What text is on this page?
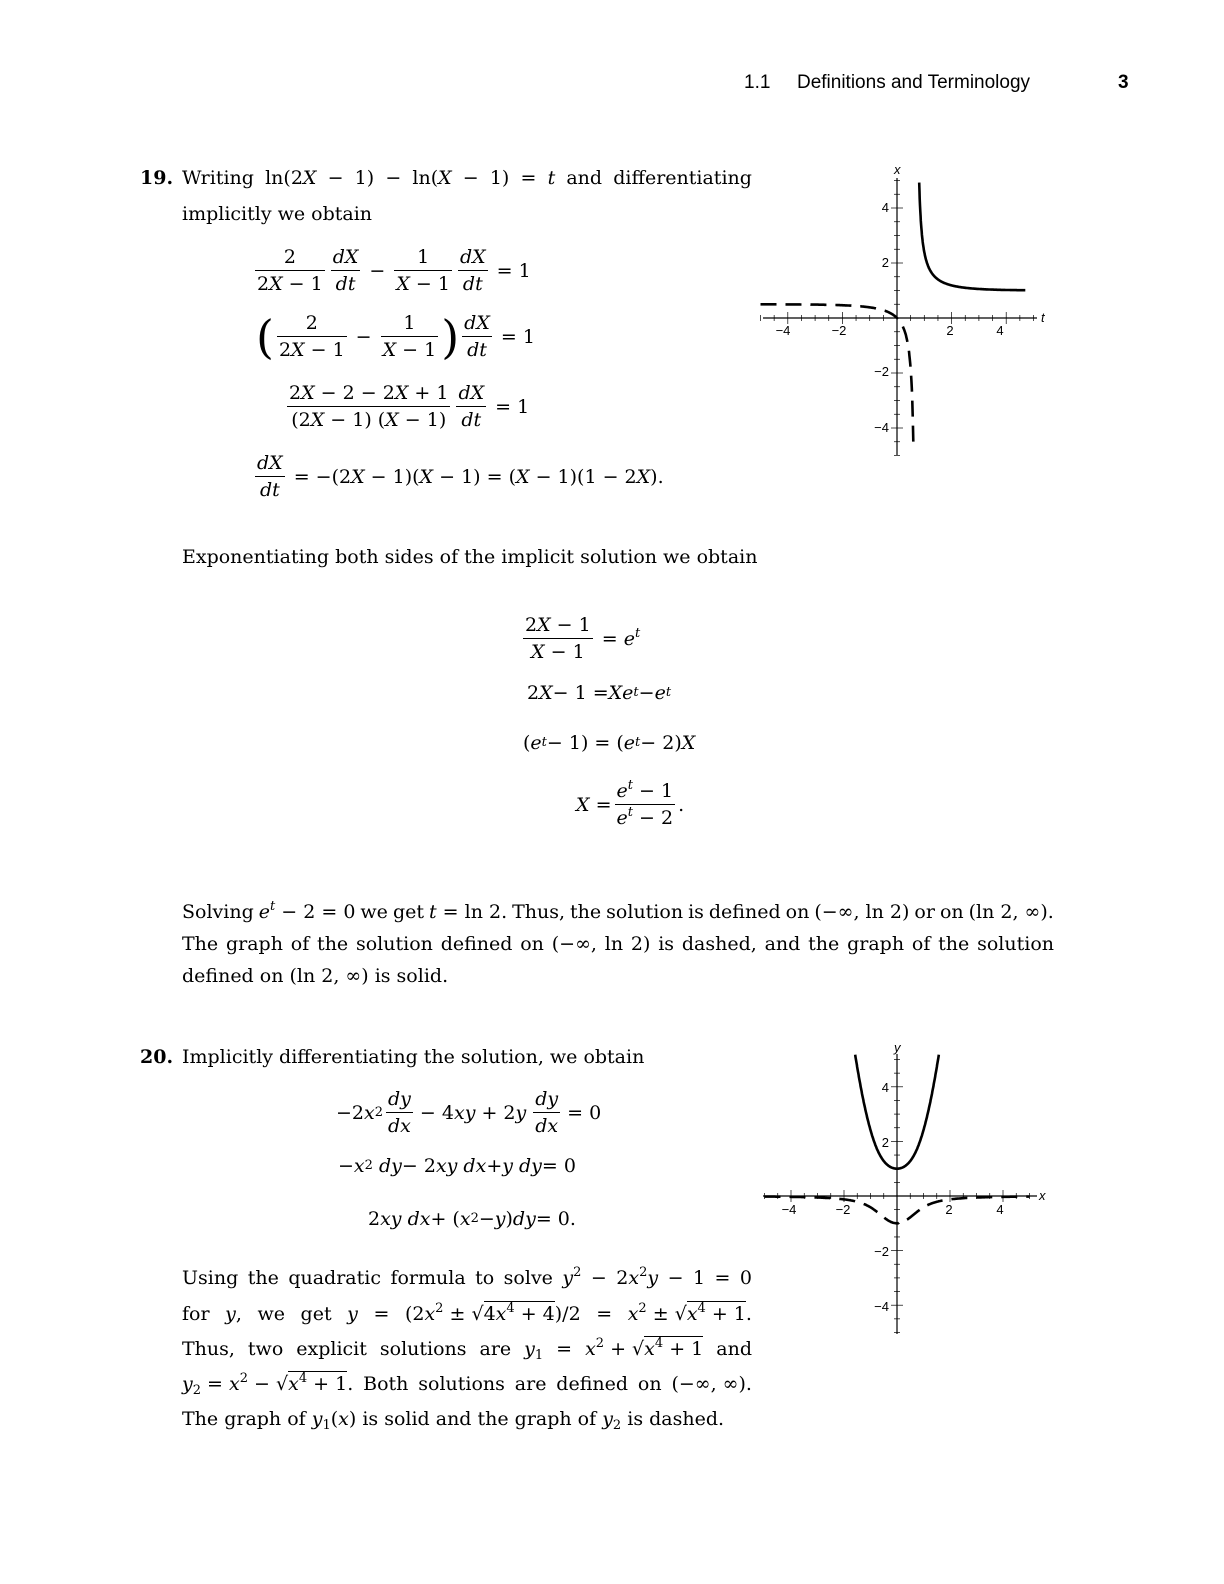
1.1 Definitions and Terminology	3
19. Writing ln(2X − 1) − ln(X − 1) = t and differentiating
implicitly we obtain
$\frac{2}{2X - 1} \frac{dX}{dt} - \frac{1}{X - 1} \frac{dX}{dt} = 1$
( $\frac{2}{2X - 1} - \frac{1}{X - 1}$ ) $\frac{dX}{dt} = 1$
$\frac{2X - 2 - 2X + 1}{(2X - 1) (X - 1)} \frac{dX}{dt} = 1$
$\frac{dX}{dt} = -(2X - 1)(X - 1) = (X - 1)(1 - 2X)$.
Exponentiating both sides of the implicit solution we obtain
$\frac{2X - 1}{X - 1} = e^t$
2 X − 1 = Xe t − e t
( e t − 1) = ( e t − 2) X
$X = \frac{e^t - 1}{e^t - 2}$ .
Solving $e^t - 2 = 0$ we get t = ln 2. Thus, the solution is defined on (−∞, ln 2) or on (ln 2, ∞).
The graph of the solution defined on (−∞, ln 2) is dashed, and the graph of the solution
defined on (ln 2, ∞) is solid.
−4	−2	2	4
4
2
−2
−4
t
x
20. Implicitly differentiating the solution, we obtain
−2 x $2 \frac{dy}{dx} - 4xy + 2y \frac{dy}{dx} = 0$
− x 2
dy − 2 xy dx + y dy = 0
2 xy dx + ( x 2 − y ) dy = 0.
Using the quadratic formula to solve $y^2 - 2x^2y - 1 = 0$
for y, we get $y = (2x^2 \pm √4x^4 + 4)/2 = x^2 \pm √x^4 + 1$.
Thus, two explicit solutions are $y_1 = x^2 + √x^4 + 1$ and
$y_2 = x^2 - √x^4 + 1$. Both solutions are defined on (−∞, ∞).
The graph of $y_1(x)$ is solid and the graph of $y_2$ is dashed.
−4	−2	2	4
4
2
−2
−4
x
y
